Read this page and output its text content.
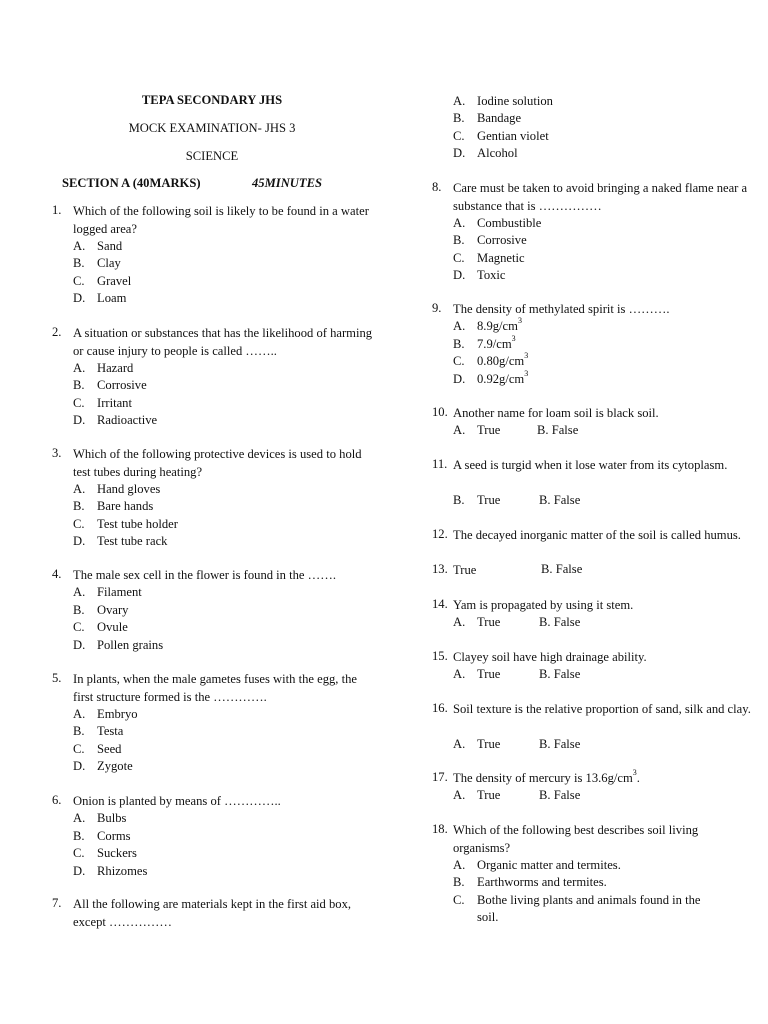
TEPA SECONDARY JHS
MOCK EXAMINATION- JHS 3
SCIENCE
SECTION A (40MARKS)	45MINUTES
1. Which of the following soil is likely to be found in a water logged area?
A. Sand
B. Clay
C. Gravel
D. Loam
2. A situation or substances that has the likelihood of harming or cause injury to people is called ……..
A. Hazard
B. Corrosive
C. Irritant
D. Radioactive
3. Which of the following protective devices is used to hold test tubes during heating?
A. Hand gloves
B. Bare hands
C. Test tube holder
D. Test tube rack
4. The male sex cell in the flower is found in the …….
A. Filament
B. Ovary
C. Ovule
D. Pollen grains
5. In plants, when the male gametes fuses with the egg, the first structure formed is the ………….
A. Embryo
B. Testa
C. Seed
D. Zygote
6. Onion is planted by means of …………..
A. Bulbs
B. Corms
C. Suckers
D. Rhizomes
7. All the following are materials kept in the first aid box, except ……………
A. Iodine solution
B. Bandage
C. Gentian violet
D. Alcohol
8. Care must be taken to avoid bringing a naked flame near a substance that is ……………
A. Combustible
B. Corrosive
C. Magnetic
D. Toxic
9. The density of methylated spirit is ……….
A. $8.9g/cm^3$
B. $7.9/cm^3$
C. $0.80g/cm^3$
D. $0.92g/cm^3$
10. Another name for loam soil is black soil.
A. True	B. False
11. A seed is turgid when it lose water from its cytoplasm.
B. True	B. False
12. The decayed inorganic matter of the soil is called humus.
13. True	B. False
14. Yam is propagated by using it stem.
A. True	B. False
15. Clayey soil have high drainage ability.
A. True	B. False
16. Soil texture is the relative proportion of sand, silk and clay.
A. True	B. False
17. The density of mercury is $13.6g/cm^3$.
A. True	B. False
18. Which of the following best describes soil living organisms?
A. Organic matter and termites.
B. Earthworms and termites.
C. Bothe living plants and animals found in the
soil.
